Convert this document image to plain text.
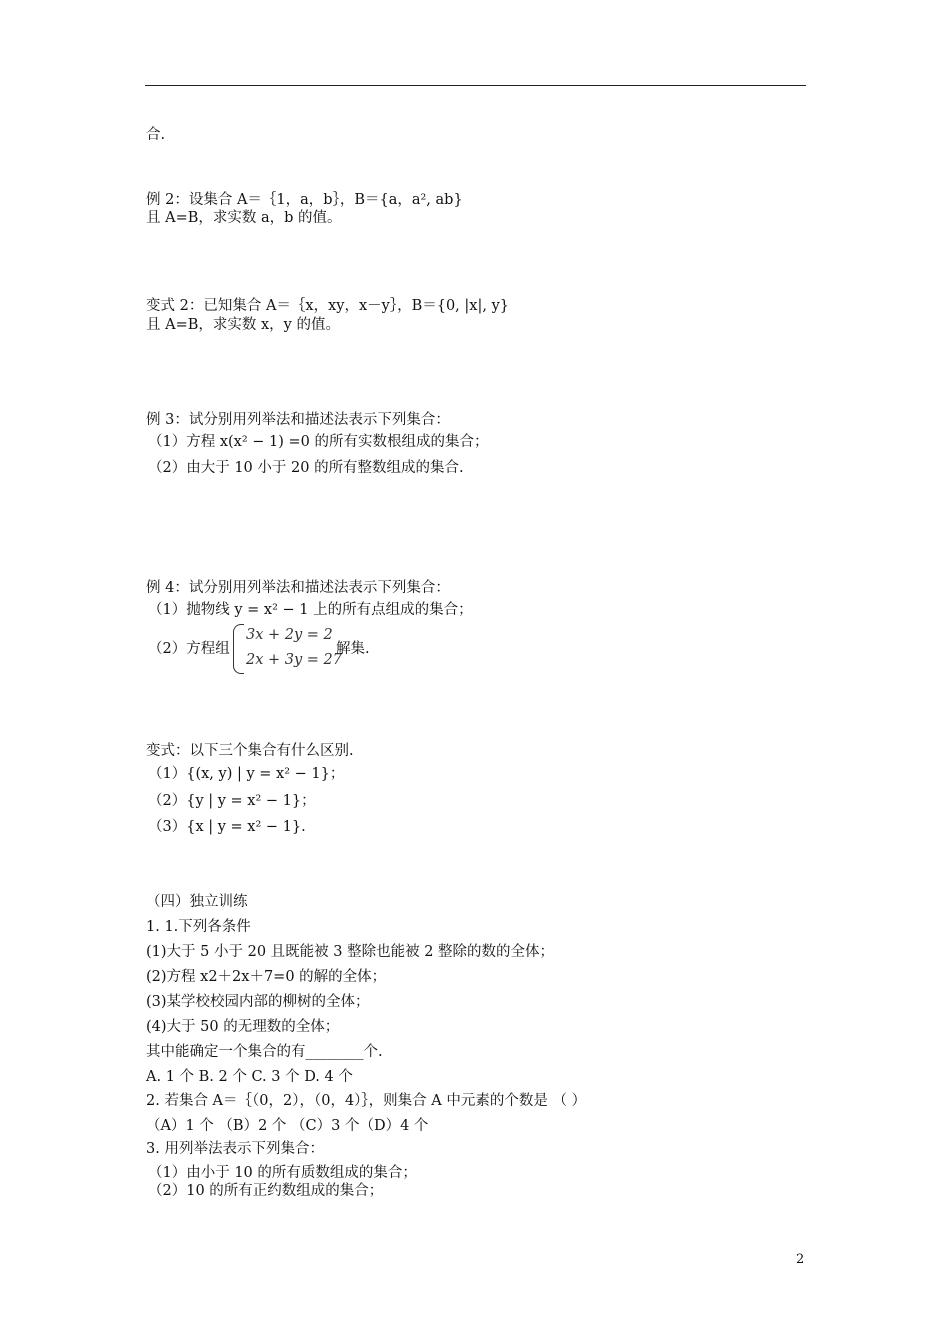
合.
例 2：设集合 A＝｛1，a，b｝，B＝{a，a², ab}
且 A=B，求实数 a，b 的值。
变式 2：已知集合 A＝｛x，xy，x－y｝，B＝{0, |x|, y}
且 A=B，求实数 x，y 的值。
例 3：试分别用列举法和描述法表示下列集合：
（1）方程 x(x² − 1) =0 的所有实数根组成的集合；
（2）由大于 10 小于 20 的所有整数组成的集合.
例 4：试分别用列举法和描述法表示下列集合：
（1）抛物线 y = x² − 1 上的所有点组成的集合；
（2）方程组
3x + 2y = 2
2x + 3y = 27
解集.
变式：以下三个集合有什么区别.
（1）{(x, y) | y = x² − 1}；
（2）{y | y = x² − 1}；
（3）{x | y = x² − 1}.
（四）独立训练
1. 1.下列各条件
(1)大于 5 小于 20 且既能被 3 整除也能被 2 整除的数的全体；
(2)方程 x2＋2x＋7=0 的解的全体；
(3)某学校校园内部的柳树的全体；
(4)大于 50 的无理数的全体；
其中能确定一个集合的有________个.
A. 1 个 B. 2 个 C. 3 个 D. 4 个
2. 若集合 A＝｛（0，2），（0，4）｝，则集合 A 中元素的个数是 （ ）
（A）1 个 （B）2 个 （C）3 个（D）4 个
3. 用列举法表示下列集合：
（1）由小于 10 的所有质数组成的集合；
（2）10 的所有正约数组成的集合；
2
